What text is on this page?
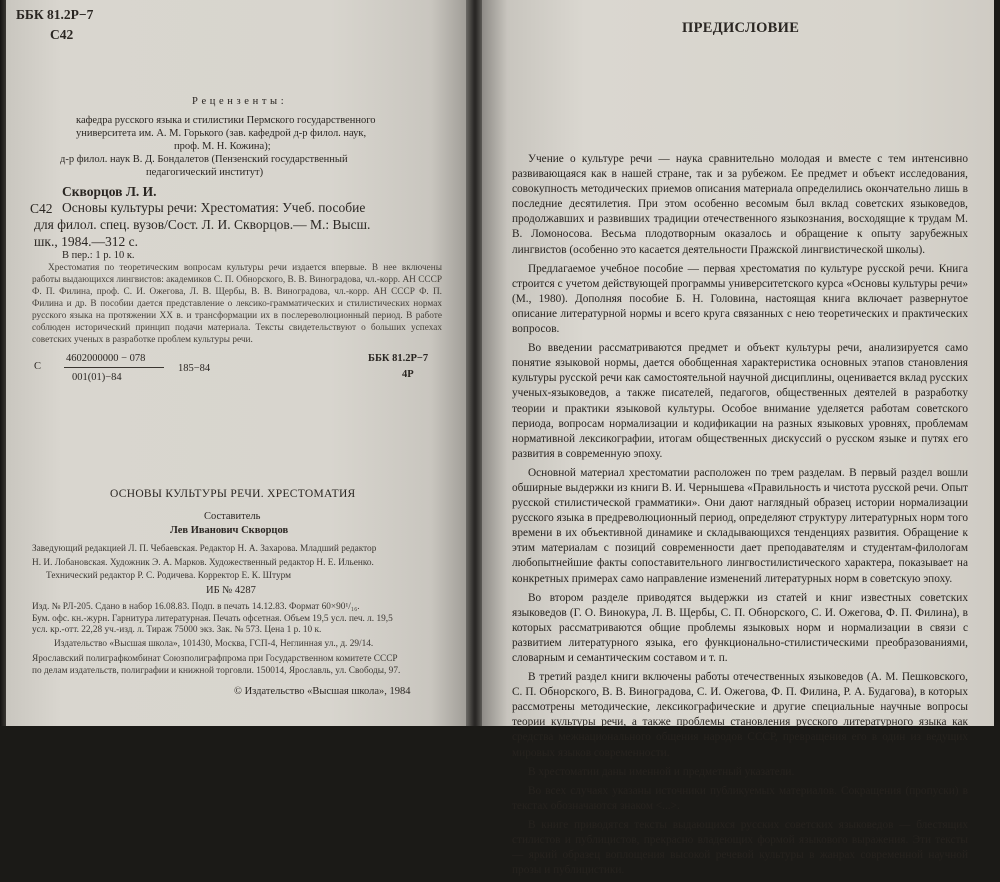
ББК 81.2Р−7
С42
Р е ц е н з е н т ы :
кафедра русского языка и стилистики Пермского государственного
университета им. А. М. Горького (зав. кафедрой д-р филол. наук,
проф. М. Н. Кожина);
д-р филол. наук В. Д. Бондалетов (Пензенский государственный
педагогический институт)
Скворцов Л. И.
С42 Основы культуры речи: Хрестоматия: Учеб. пособие
для филол. спец. вузов/Сост. Л. И. Скворцов.— М.: Высш.
шк., 1984.—312 с.
В пер.: 1 р. 10 к.

Хрестоматия по теоретическим вопросам культуры речи издается впервые. В нее включены работы выдающихся лингвистов: академиков С. П. Обнорского, В. В. Виноградова, чл.-корр. АН СССР Ф. П. Филина, проф. С. И. Ожегова, Л. В. Щербы, В. В. Виноградова, чл.-корр. АН СССР Ф. П. Филина и др. В пособии дается представление о лексико-грамматических и стилистических нормах русского языка на протяжении XX в. и трансформации их в послереволюционный период. В работе соблюден исторический принцип подачи материала. Тексты свидетельствуют о больших успехах советских ученых в разработке проблем культуры речи.

С
4602000000 − 078
001(01)−84
185−84
ББК 81.2Р−7
4Р
ОСНОВЫ КУЛЬТУРЫ РЕЧИ. ХРЕСТОМАТИЯ
Составитель
Лев Иванович Скворцов
Заведующий редакцией Л. П. Чебаевская. Редактор Н. А. Захарова. Младший редактор
Н. И. Лобановская. Художник Э. А. Марков. Художественный редактор Н. Е. Ильенко.
Технический редактор Р. С. Родичева. Корректор Е. К. Штурм
ИБ № 4287
Изд. № РЛ-205. Сдано в набор 16.08.83. Подп. в печать 14.12.83. Формат 60×90¹/₁₆.
Бум. офс. кн.-журн. Гарнитура литературная. Печать офсетная. Объем 19,5 усл. печ. л. 19,5
усл. кр.-отт. 22,28 уч.-изд. л. Тираж 75000 экз. Зак. № 573. Цена 1 р. 10 к.
Издательство «Высшая школа», 101430, Москва, ГСП-4, Неглинная ул., д. 29/14.
Ярославский полиграфкомбинат Союзполиграфпрома при Государственном комитете СССР
по делам издательств, полиграфии и книжной торговли. 150014, Ярославль, ул. Свободы, 97.
© Издательство «Высшая школа», 1984
ПРЕДИСЛОВИЕ

Учение о культуре речи — наука сравнительно молодая и вместе с тем интенсивно развивающаяся как в нашей стране, так и за рубежом. Ее предмет и объект исследования, совокупность методических приемов описания материала определились окончательно лишь в последние десятилетия. При этом особенно весомым был вклад советских языковедов, продолжавших и развивших традиции отечественного языкознания, восходящие к трудам М. В. Ломоносова. Весьма плодотворным оказалось и обращение к опыту зарубежных лингвистов (особенно это касается деятельности Пражской лингвистической школы).

Предлагаемое учебное пособие — первая хрестоматия по культуре русской речи. Книга строится с учетом действующей программы университетского курса «Основы культуры речи» (М., 1980). Дополняя пособие Б. Н. Головина, настоящая книга включает развернутое описание литературной нормы и всего круга связанных с нею теоретических и практических вопросов.

Во введении рассматриваются предмет и объект культуры речи, анализируется само понятие языковой нормы, дается обобщенная характеристика основных этапов становления культуры русской речи как самостоятельной научной дисциплины, оценивается вклад русских ученых-языковедов, а также писателей, педагогов, общественных деятелей в разработку теории и практики языковой культуры. Особое внимание уделяется работам советского периода, вопросам нормализации и кодификации на разных языковых уровнях, проблемам нормативной лексикографии, итогам общественных дискуссий о русском языке и путях его развития в современную эпоху.

Основной материал хрестоматии расположен по трем разделам. В первый раздел вошли обширные выдержки из книги В. И. Чернышева «Правильность и чистота русской речи. Опыт русской стилистической грамматики». Они дают наглядный образец истории нормализации русского языка в предреволюционный период, определяют структуру литературных норм того времени в их объективной динамике и складывающихся тенденциях развития. Обращение к этим материалам с позиций современности дает преподавателям и студентам-филологам любопытнейшие факты сопоставительного лингвостилистического характера, показывает на конкретных примерах само направление изменений литературных норм в советскую эпоху.

Во втором разделе приводятся выдержки из статей и книг известных советских языковедов (Г. О. Винокура, Л. В. Щербы, С. П. Обнорского, С. И. Ожегова, Ф. П. Филина), в которых рассматриваются общие проблемы языковых норм и нормализации в связи с развитием литературного языка, его функционально-стилистическими преобразованиями, словарным и семантическим составом и т. п.

В третий раздел книги включены работы отечественных языковедов (А. М. Пешковского, С. П. Обнорского, В. В. Виноградова, С. И. Ожегова, Ф. П. Филина, Р. А. Будагова), в которых рассмотрены методические, лексикографические и другие специальные научные вопросы теории культуры речи, а также проблемы становления русского литературного языка как средства межнационального общения народов СССР, превращения его в один из ведущих мировых языков современности.

В хрестоматии даны именной и предметный указатели.

Во всех случаях указаны источники публикуемых материалов. Сокращения (пропуски) в текстах обозначаются знаком <...>.

В книге приводятся тексты выдающихся русских советских языковедов — блестящих стилистов и публицистов, прекрасно владеющих формой языкового выражения. Эти тексты — яркий образец воплощения высокой речевой культуры в жанрах современной научной прозы и публицистики.
